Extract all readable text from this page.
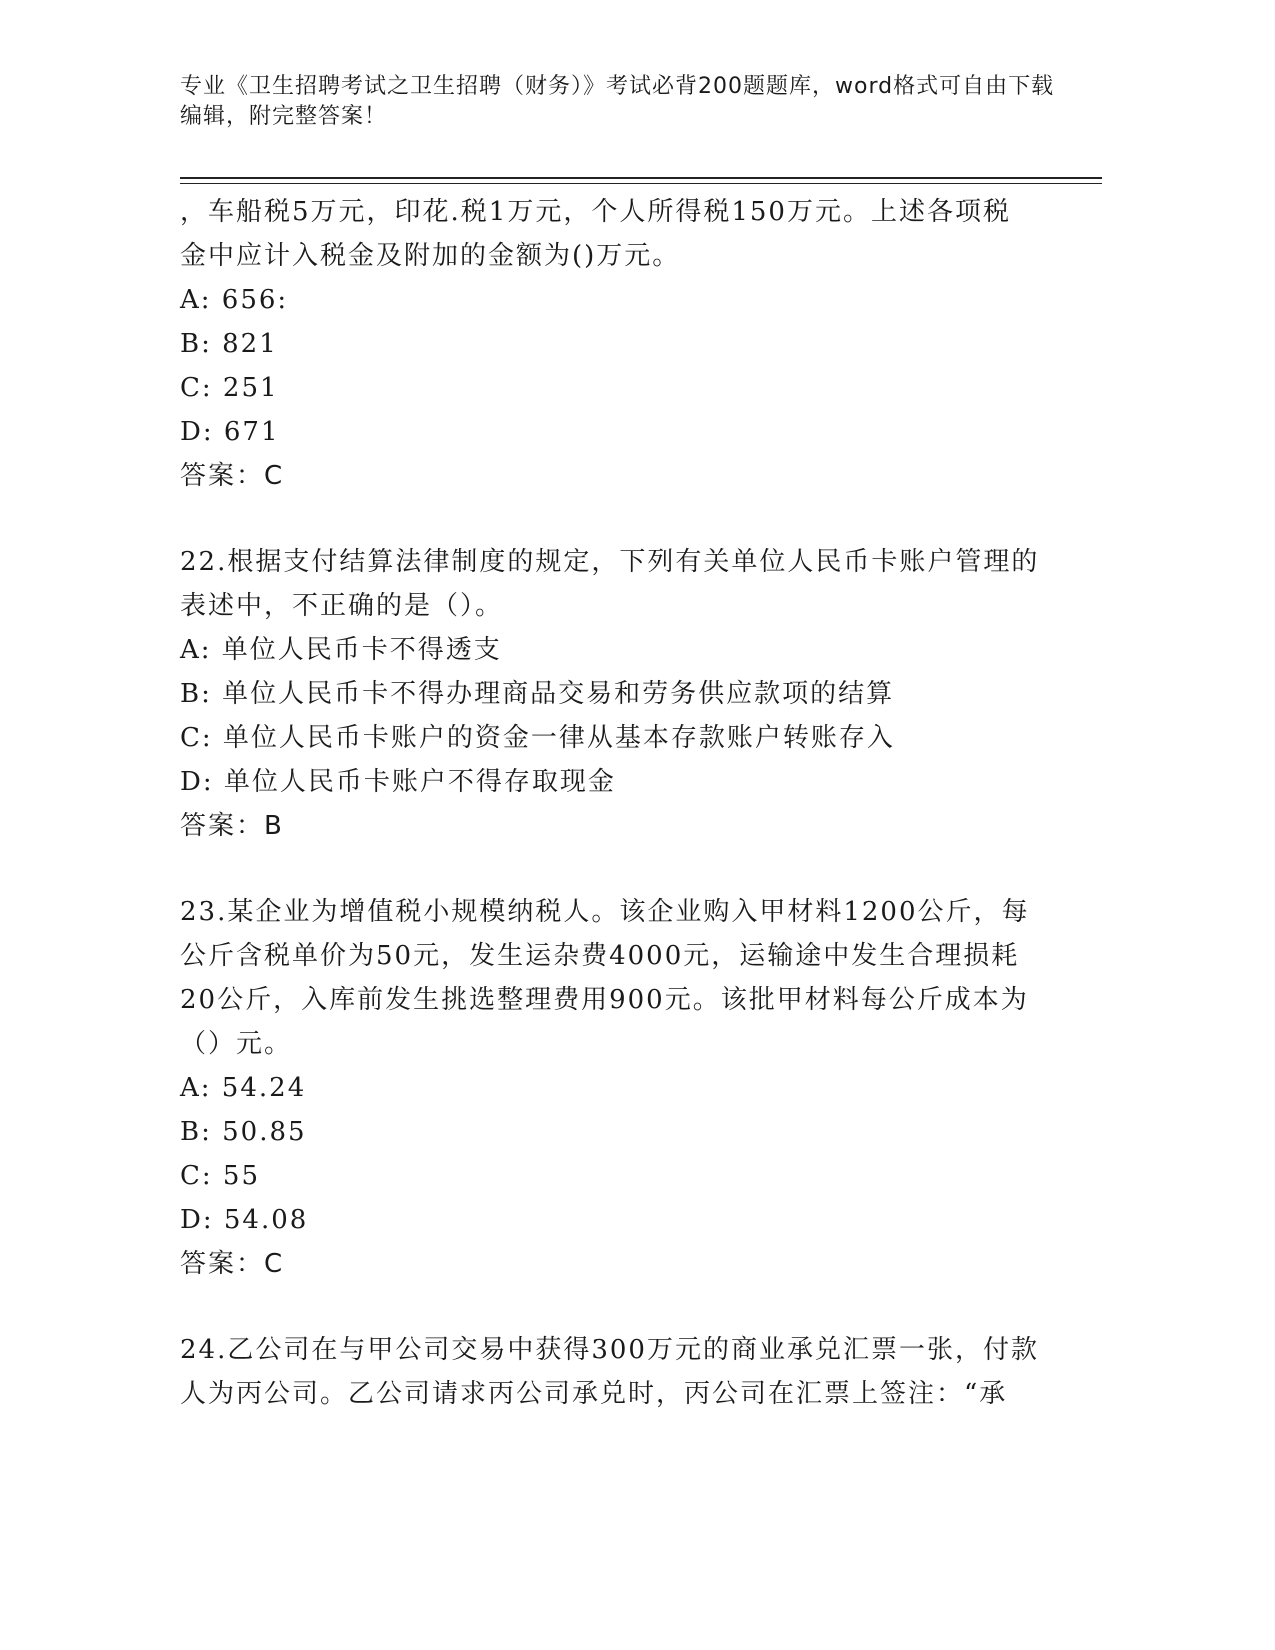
专业《卫生招聘考试之卫生招聘（财务）》考试必背200题题库，word格式可自由下载编辑，附完整答案！
，车船税5万元，印花.税1万元，个人所得税150万元。上述各项税
金中应计入税金及附加的金额为()万元。
A: 656:
B: 821
C: 251
D: 671
答案：C
22.根据支付结算法律制度的规定，下列有关单位人民币卡账户管理的
表述中，不正确的是（）。
A: 单位人民币卡不得透支
B: 单位人民币卡不得办理商品交易和劳务供应款项的结算
C: 单位人民币卡账户的资金一律从基本存款账户转账存入
D: 单位人民币卡账户不得存取现金
答案：B
23.某企业为增值税小规模纳税人。该企业购入甲材料1200公斤，每
公斤含税单价为50元，发生运杂费4000元，运输途中发生合理损耗
20公斤，入库前发生挑选整理费用900元。该批甲材料每公斤成本为
（）元。
A: 54.24
B: 50.85
C: 55
D: 54.08
答案：C
24.乙公司在与甲公司交易中获得300万元的商业承兑汇票一张，付款
人为丙公司。乙公司请求丙公司承兑时，丙公司在汇票上签注：“承
